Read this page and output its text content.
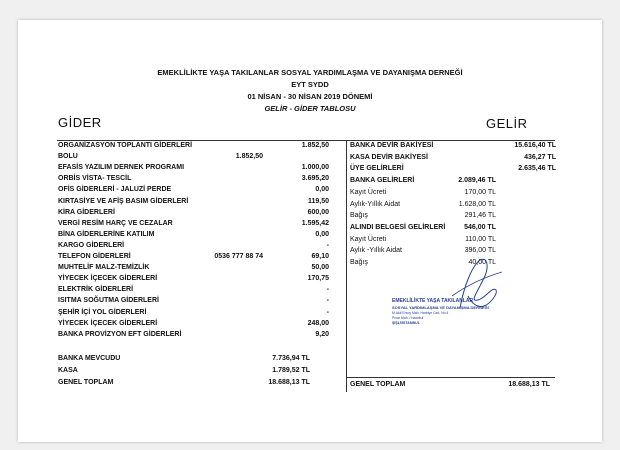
EMEKLİLİKTE YAŞA TAKILANLAR SOSYAL YARDIMLAŞMA VE DAYANIŞMA DERNEĞİ
EYT SYDD
01 NİSAN - 30 NİSAN 2019 DÖNEMİ
GELİR - GİDER TABLOSU
GİDER	GELİR
ORGANİZASYON TOPLANTI GİDERLERİ	1.852,50
BOLU	1.852,50
EFASİS YAZILIM DERNEK PROGRAMI	1.000,00
ORBİS VİSTA- TESCİL	3.695,20
OFİS GİDERLERİ - JALUZİ PERDE	0,00
KIRTASİYE VE AFİŞ BASIM GİDERLERİ	119,50
KİRA GİDERLERİ	600,00
VERGİ RESİM HARÇ VE CEZALAR	1.595,42
BİNA GİDERLERİNE KATILIM	0,00
KARGO GİDERLERİ	-
TELEFON GİDERLERİ	0536 777 88 74	69,10
MUHTELİF MALZ-TEMİZLİK	50,00
YİYECEK İÇECEK GİDERLERİ	170,75
ELEKTRİK GİDERLERİ	-
ISITMA SOĞUTMA GİDERLERİ	-
ŞEHİR İÇİ YOL GİDERLERİ	-
YİYECEK İÇECEK GİDERLERİ	248,00
BANKA PROVİZYON EFT GİDERLERİ	9,20
BANKA MEVCUDU	7.736,94 TL
KASA	1.789,52 TL
GENEL TOPLAM	18.688,13 TL
BANKA DEVİR BAKİYESİ	15.616,40 TL
KASA DEVİR BAKİYESİ	436,27 TL
ÜYE GELİRLERİ	2.635,46 TL
BANKA GELİRLERİ	2.089,46 TL
Kayıt Ücreti	170,00 TL
Aylık-Yıllık Aidat	1.628,00 TL
Bağış	291,46 TL
ALINDI BELGESİ GELİRLERİ	546,00 TL
Kayıt Ücreti	110,00 TL
Aylık -Yıllık Aidat	396,00 TL
Bağış	40,00 TL
GENEL TOPLAM	18.688,13 TL
EMEKLİLİKTE YAŞA TAKILANLAR
SOSYAL YARDIMLAŞMA VE DAYANIŞMA DERNEĞİ
M.Akif Ersoy Mah. Harbiye Cad. No:4
Pınar Mah. / İstanbul
ŞİŞLİ/İSTANBUL
